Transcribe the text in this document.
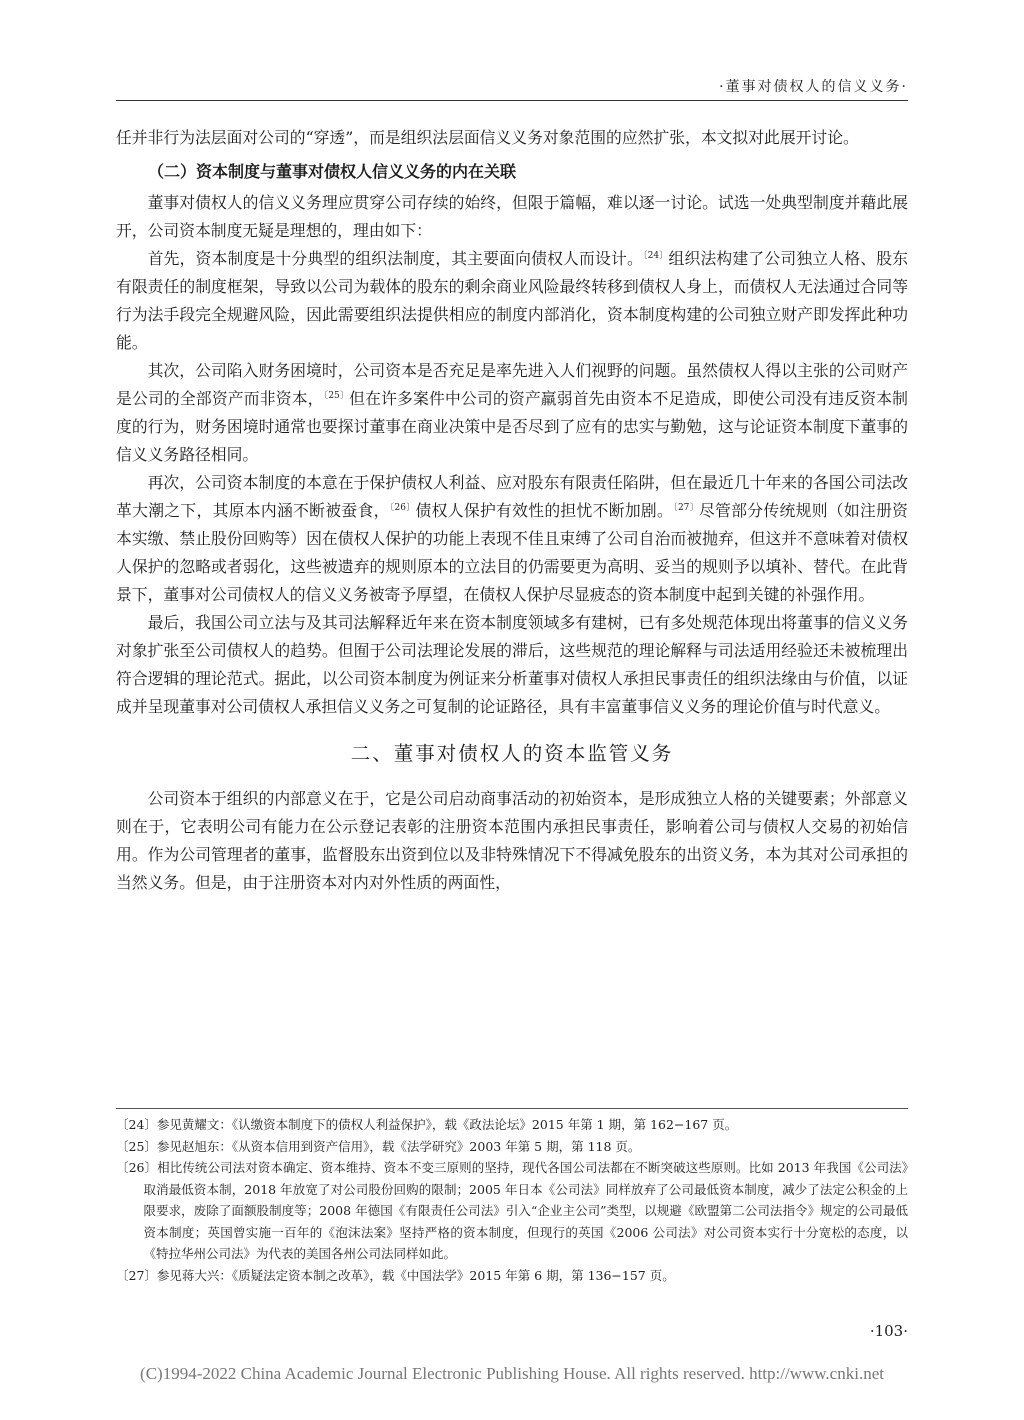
·董事对债权人的信义义务·

任并非行为法层面对公司的“穿透”，而是组织法层面信义义务对象范围的应然扩张，本文拟对此展开讨论。

（二）资本制度与董事对债权人信义义务的内在关联

董事对债权人的信义义务理应贯穿公司存续的始终，但限于篇幅，难以逐一讨论。试选一处典型制度并藉此展开，公司资本制度无疑是理想的，理由如下：

首先，资本制度是十分典型的组织法制度，其主要面向债权人而设计。$^{〔24〕}$组织法构建了公司独立人格、股东有限责任的制度框架，导致以公司为载体的股东的剩余商业风险最终转移到债权人身上，而债权人无法通过合同等行为法手段完全规避风险，因此需要组织法提供相应的制度内部消化，资本制度构建的公司独立财产即发挥此种功能。

其次，公司陷入财务困境时，公司资本是否充足是率先进入人们视野的问题。虽然债权人得以主张的公司财产是公司的全部资产而非资本，$^{〔25〕}$但在许多案件中公司的资产羸弱首先由资本不足造成，即使公司没有违反资本制度的行为，财务困境时通常也要探讨董事在商业决策中是否尽到了应有的忠实与勤勉，这与论证资本制度下董事的信义义务路径相同。

再次，公司资本制度的本意在于保护债权人利益、应对股东有限责任陷阱，但在最近几十年来的各国公司法改革大潮之下，其原本内涵不断被蚕食，$^{〔26〕}$债权人保护有效性的担忧不断加剧。$^{〔27〕}$尽管部分传统规则（如注册资本实缴、禁止股份回购等）因在债权人保护的功能上表现不佳且束缚了公司自治而被抛弃，但这并不意味着对债权人保护的忽略或者弱化，这些被遗弃的规则原本的立法目的仍需要更为高明、妥当的规则予以填补、替代。在此背景下，董事对公司债权人的信义义务被寄予厚望，在债权人保护尽显疲态的资本制度中起到关键的补强作用。

最后，我国公司立法与及其司法解释近年来在资本制度领域多有建树，已有多处规范体现出将董事的信义义务对象扩张至公司债权人的趋势。但囿于公司法理论发展的滞后，这些规范的理论解释与司法适用经验还未被梳理出符合逻辑的理论范式。据此，以公司资本制度为例证来分析董事对债权人承担民事责任的组织法缘由与价值，以证成并呈现董事对公司债权人承担信义义务之可复制的论证路径，具有丰富董事信义义务的理论价值与时代意义。

二、董事对债权人的资本监管义务

公司资本于组织的内部意义在于，它是公司启动商事活动的初始资本，是形成独立人格的关键要素；外部意义则在于，它表明公司有能力在公示登记表彰的注册资本范围内承担民事责任，影响着公司与债权人交易的初始信用。作为公司管理者的董事，监督股东出资到位以及非特殊情况下不得减免股东的出资义务，本为其对公司承担的当然义务。但是，由于注册资本对内对外性质的两面性，

〔24〕参见黄耀文：《认缴资本制度下的债权人利益保护》，载《政法论坛》2015 年第 1 期，第 162−167 页。

〔25〕参见赵旭东：《从资本信用到资产信用》，载《法学研究》2003 年第 5 期，第 118 页。

〔26〕相比传统公司法对资本确定、资本维持、资本不变三原则的坚持，现代各国公司法都在不断突破这些原则。比如 2013 年我国《公司法》取消最低资本制，2018 年放宽了对公司股份回购的限制；2005 年日本《公司法》同样放弃了公司最低资本制度，减少了法定公积金的上限要求，废除了面额股制度等；2008 年德国《有限责任公司法》引入“企业主公司”类型，以规避《欧盟第二公司法指令》规定的公司最低资本制度；英国曾实施一百年的《泡沫法案》坚持严格的资本制度，但现行的英国《2006 公司法》对公司资本实行十分宽松的态度，以《特拉华州公司法》为代表的美国各州公司法同样如此。

〔27〕参见蒋大兴：《质疑法定资本制之改革》，载《中国法学》2015 年第 6 期，第 136−157 页。

·103·
(C)1994-2022 China Academic Journal Electronic Publishing House. All rights reserved. http://www.cnki.net
